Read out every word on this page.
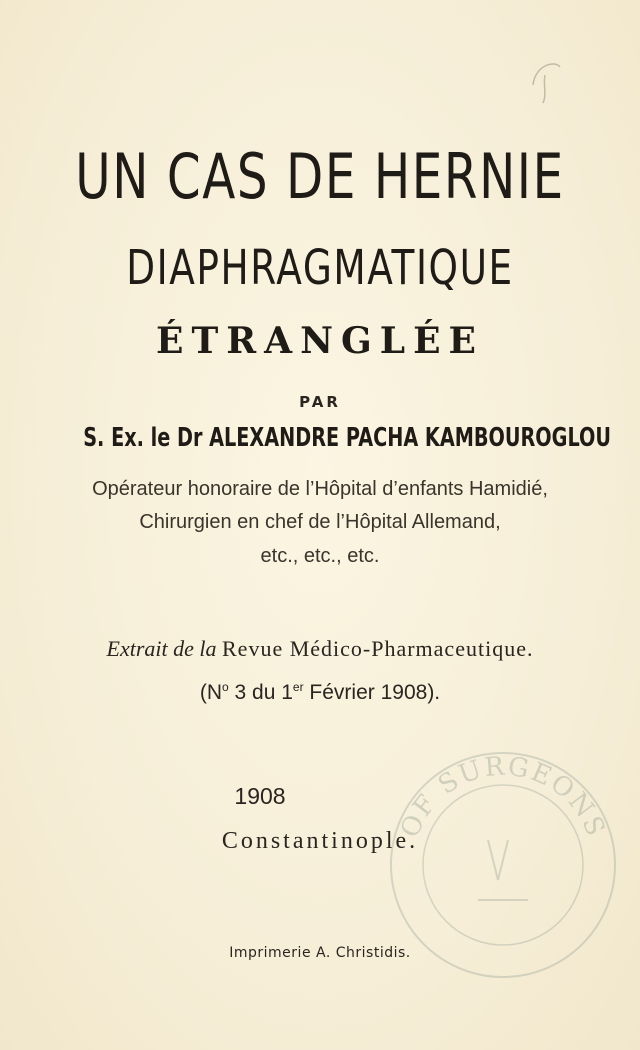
UN CAS DE HERNIE
DIAPHRAGMATIQUE
ÉTRANGLÉE
PAR
S. Ex. le Dr ALEXANDRE PACHA KAMBOUROGLOU
Opérateur honoraire de l’Hôpital d’enfants Hamidié,
Chirurgien en chef de l’Hôpital Allemand,
etc., etc., etc.
Extrait de la Revue Médico-Pharmaceutique.
($N^o$ 3 du 1er Février 1908).
OF SURGEONS
1908
Constantinople.
Imprimerie A. Christidis.
